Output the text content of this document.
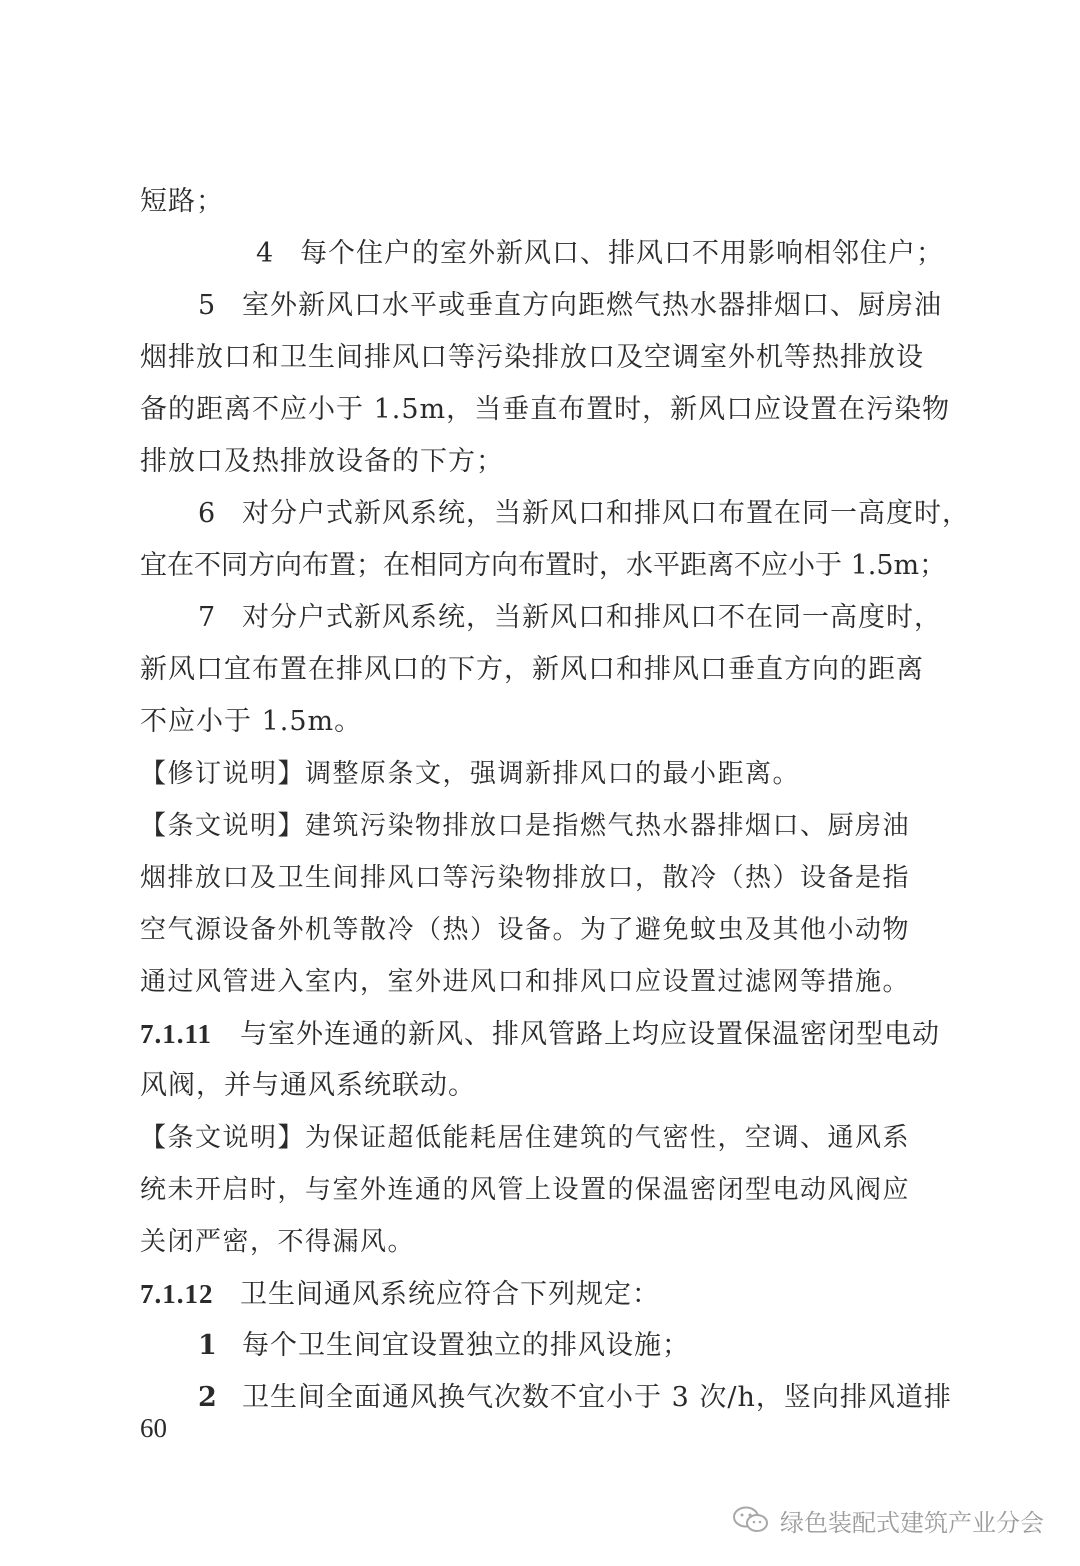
短路；
4 每个住户的室外新风口、排风口不用影响相邻住户；
5 室外新风口水平或垂直方向距燃气热水器排烟口、厨房油
烟排放口和卫生间排风口等污染排放口及空调室外机等热排放设
备的距离不应小于 1.5m，当垂直布置时，新风口应设置在污染物
排放口及热排放设备的下方；
6 对分户式新风系统，当新风口和排风口布置在同一高度时，
宜在不同方向布置；在相同方向布置时，水平距离不应小于 1.5m；
7 对分户式新风系统，当新风口和排风口不在同一高度时，
新风口宜布置在排风口的下方，新风口和排风口垂直方向的距离
不应小于 1.5m。
【修订说明】调整原条文，强调新排风口的最小距离。
【条文说明】建筑污染物排放口是指燃气热水器排烟口、厨房油
烟排放口及卫生间排风口等污染物排放口，散冷（热）设备是指
空气源设备外机等散冷（热）设备。为了避免蚊虫及其他小动物
通过风管进入室内，室外进风口和排风口应设置过滤网等措施。
7.1.11 与室外连通的新风、排风管路上均应设置保温密闭型电动
风阀，并与通风系统联动。
【条文说明】为保证超低能耗居住建筑的气密性，空调、通风系
统未开启时，与室外连通的风管上设置的保温密闭型电动风阀应
关闭严密，不得漏风。
7.1.12 卫生间通风系统应符合下列规定：
1 每个卫生间宜设置独立的排风设施；
2 卫生间全面通风换气次数不宜小于 3 次/h，竖向排风道排
60
绿色装配式建筑产业分会
